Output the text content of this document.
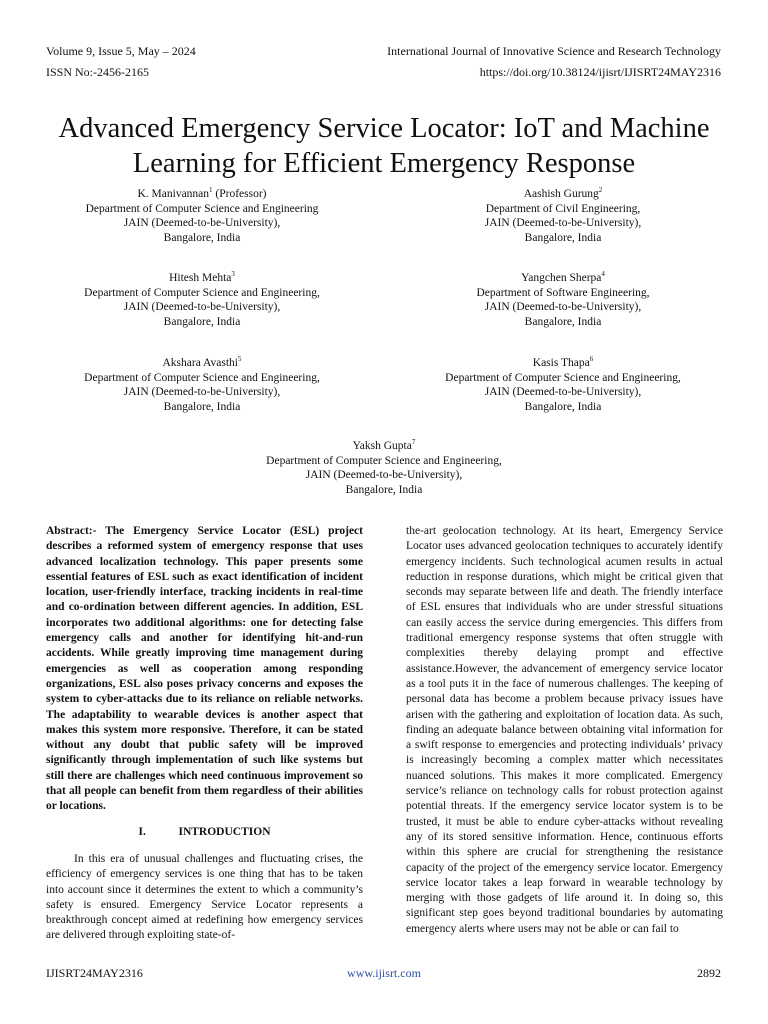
Volume 9, Issue 5, May – 2024
ISSN No:-2456-2165
International Journal of Innovative Science and Research Technology
https://doi.org/10.38124/ijisrt/IJISRT24MAY2316
Advanced Emergency Service Locator: IoT and Machine Learning for Efficient Emergency Response
K. Manivannan$^1$ (Professor)
Department of Computer Science and Engineering
JAIN (Deemed-to-be-University),
Bangalore, India
Aashish Gurung$^2$
Department of Civil Engineering,
JAIN (Deemed-to-be-University),
Bangalore, India
Hitesh Mehta$^3$
Department of Computer Science and Engineering,
JAIN (Deemed-to-be-University),
Bangalore, India
Yangchen Sherpa$^4$
Department of Software Engineering,
JAIN (Deemed-to-be-University),
Bangalore, India
Akshara Avasthi$^5$
Department of Computer Science and Engineering,
JAIN (Deemed-to-be-University),
Bangalore, India
Kasis Thapa$^6$
Department of Computer Science and Engineering,
JAIN (Deemed-to-be-University),
Bangalore, India
Yaksh Gupta$^7$
Department of Computer Science and Engineering,
JAIN (Deemed-to-be-University),
Bangalore, India

Abstract:- The Emergency Service Locator (ESL) project describes a reformed system of emergency response that uses advanced localization technology. This paper presents some essential features of ESL such as exact identification of incident location, user-friendly interface, tracking incidents in real-time and co-ordination between different agencies. In addition, ESL incorporates two additional algorithms: one for detecting false emergency calls and another for identifying hit-and-run accidents. While greatly improving time management during emergencies as well as cooperation among responding organizations, ESL also poses privacy concerns and exposes the system to cyber-attacks due to its reliance on reliable networks. The adaptability to wearable devices is another aspect that makes this system more responsive. Therefore, it can be stated without any doubt that public safety will be improved significantly through implementation of such like systems but still there are challenges which need continuous improvement so that all people can benefit from them regardless of their abilities or locations.

I.	INTRODUCTION

In this era of unusual challenges and fluctuating crises, the efficiency of emergency services is one thing that has to be taken into account since it determines the extent to which a community’s safety is ensured. Emergency Service Locator represents a breakthrough concept aimed at redefining how emergency services are delivered through exploiting state-of-

the-art geolocation technology. At its heart, Emergency Service Locator uses advanced geolocation techniques to accurately identify emergency incidents. Such technological acumen results in actual reduction in response durations, which might be critical given that seconds may separate between life and death. The friendly interface of ESL ensures that individuals who are under stressful situations can easily access the service during emergencies. This differs from traditional emergency response systems that often struggle with complexities thereby delaying prompt and effective assistance.However, the advancement of emergency service locator as a tool puts it in the face of numerous challenges. The keeping of personal data has become a problem because privacy issues have arisen with the gathering and exploitation of location data. As such, finding an adequate balance between obtaining vital information for a swift response to emergencies and protecting individuals’ privacy is increasingly becoming a complex matter which necessitates nuanced solutions. This makes it more complicated. Emergency service’s reliance on technology calls for robust protection against potential threats. If the emergency service locator system is to be trusted, it must be able to endure cyber-attacks without revealing any of its stored sensitive information. Hence, continuous efforts within this sphere are crucial for strengthening the resistance capacity of the project of the emergency service locator. Emergency service locator takes a leap forward in wearable technology by merging with those gadgets of life around it. In doing so, this significant step goes beyond traditional boundaries by automating emergency alerts where users may not be able or can fail to

IJISRT24MAY2316	www.ijisrt.com	2892
